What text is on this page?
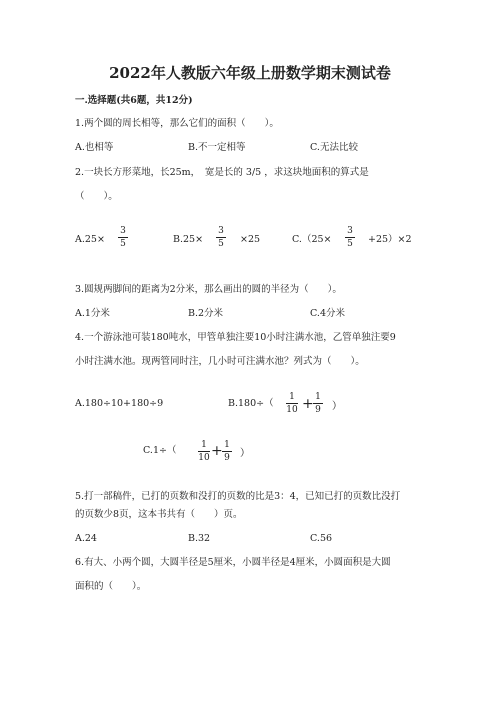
2022年人教版六年级上册数学期末测试卷
一.选择题(共6题，共12分)
1.两个圆的周长相等，那么它们的面积（　　）。
A.也相等	B.不一定相等	C.无法比较
2.一块长方形菜地，长25m，　宽是长的 3/5 ，求这块地面积的算式是
（　　）。
A.25×
3
5	B.25×
3
5 ×25	C.（25×
3
5 +25）×2
3.圆规两脚间的距离为2分米，那么画出的圆的半径为（　　）。
A.1分米	B.2分米	C.4分米
4.一个游泳池可装180吨水，甲管单独注要10小时注满水池，乙管单独注要9
小时注满水池。现两管同时注，几小时可注满水池？列式为（　　）。
A.180÷10+180÷9	B.180÷（
1
10 + 1
9 ）
C.1÷（	1
10 + 1
9 ）
5.打一部稿件，已打的页数和没打的页数的比是3：4，已知已打的页数比没打
的页数少8页，这本书共有（　　）页。
A.24	B.32	C.56
6.有大、小两个圆，大圆半径是5厘米，小圆半径是4厘米，小圆面积是大圆
面积的（　　）。
